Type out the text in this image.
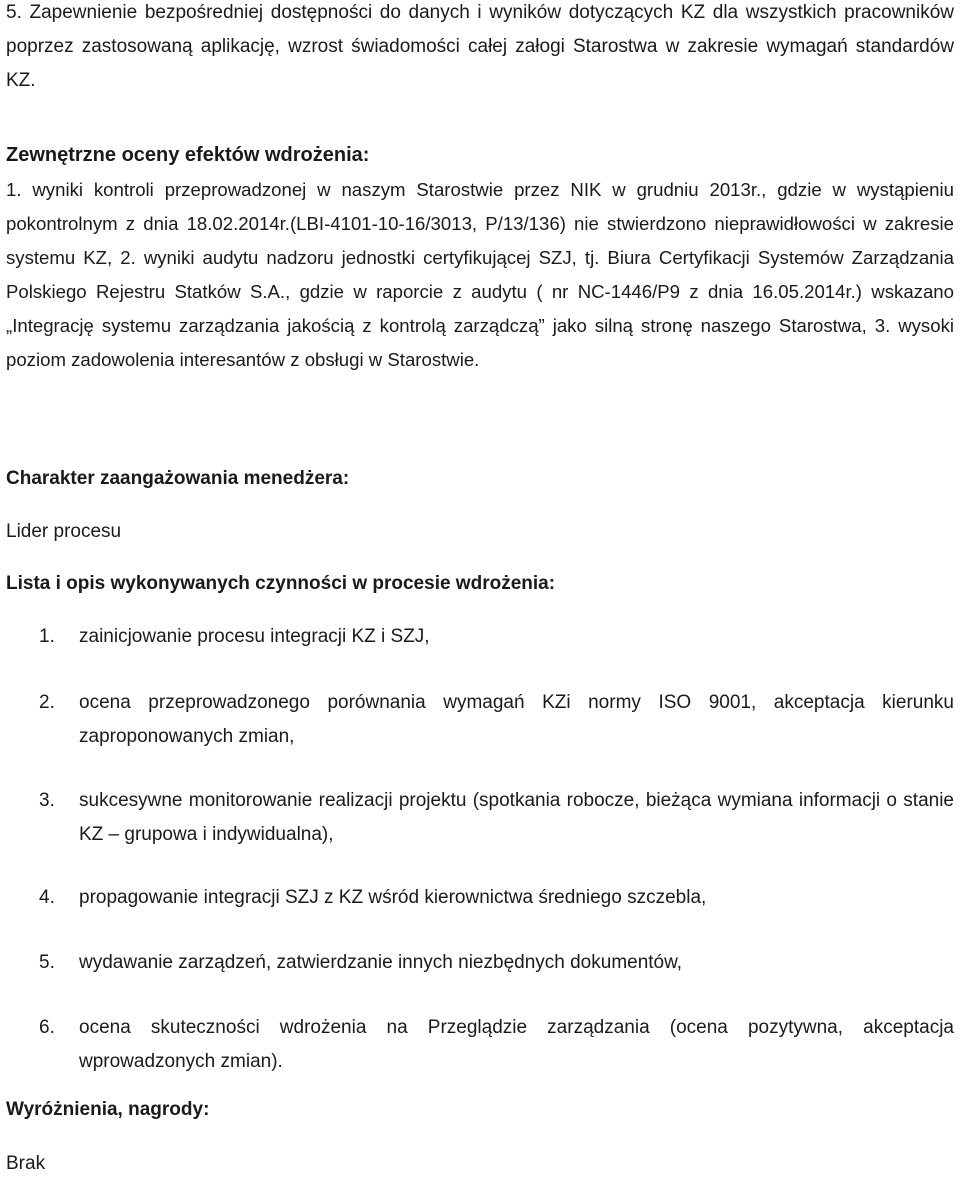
5. Zapewnienie bezpośredniej dostępności do danych i wyników dotyczących KZ dla wszystkich pracowników poprzez zastosowaną aplikację, wzrost świadomości całej załogi Starostwa w zakresie wymagań standardów KZ.

Zewnętrzne oceny efektów wdrożenia:

1. wyniki kontroli przeprowadzonej w naszym Starostwie przez NIK w grudniu 2013r., gdzie w wystąpieniu pokontrolnym z dnia 18.02.2014r.(LBI-4101-10-16/3013, P/13/136) nie stwierdzono nieprawidłowości w zakresie systemu KZ, 2. wyniki audytu nadzoru jednostki certyfikującej SZJ, tj. Biura Certyfikacji Systemów Zarządzania Polskiego Rejestru Statków S.A., gdzie w raporcie z audytu ( nr NC-1446/P9 z dnia 16.05.2014r.) wskazano „Integrację systemu zarządzania jakością z kontrolą zarządczą” jako silną stronę naszego Starostwa, 3. wysoki poziom zadowolenia interesantów z obsługi w Starostwie.

Charakter zaangażowania menedżera:

Lider procesu

Lista i opis wykonywanych czynności w procesie wdrożenia:
1. zainicjowanie procesu integracji KZ i SZJ,
2. ocena przeprowadzonego porównania wymagań KZi normy ISO 9001, akceptacja kierunku zaproponowanych zmian,
3. sukcesywne monitorowanie realizacji projektu (spotkania robocze, bieżąca wymiana informacji o stanie KZ – grupowa i indywidualna),
4. propagowanie integracji SZJ z KZ wśród kierownictwa średniego szczebla,
5. wydawanie zarządzeń, zatwierdzanie innych niezbędnych dokumentów,
6. ocena skuteczności wdrożenia na Przeglądzie zarządzania (ocena pozytywna, akceptacja wprowadzonych zmian).
Wyróżnienia, nagrody:

Brak
